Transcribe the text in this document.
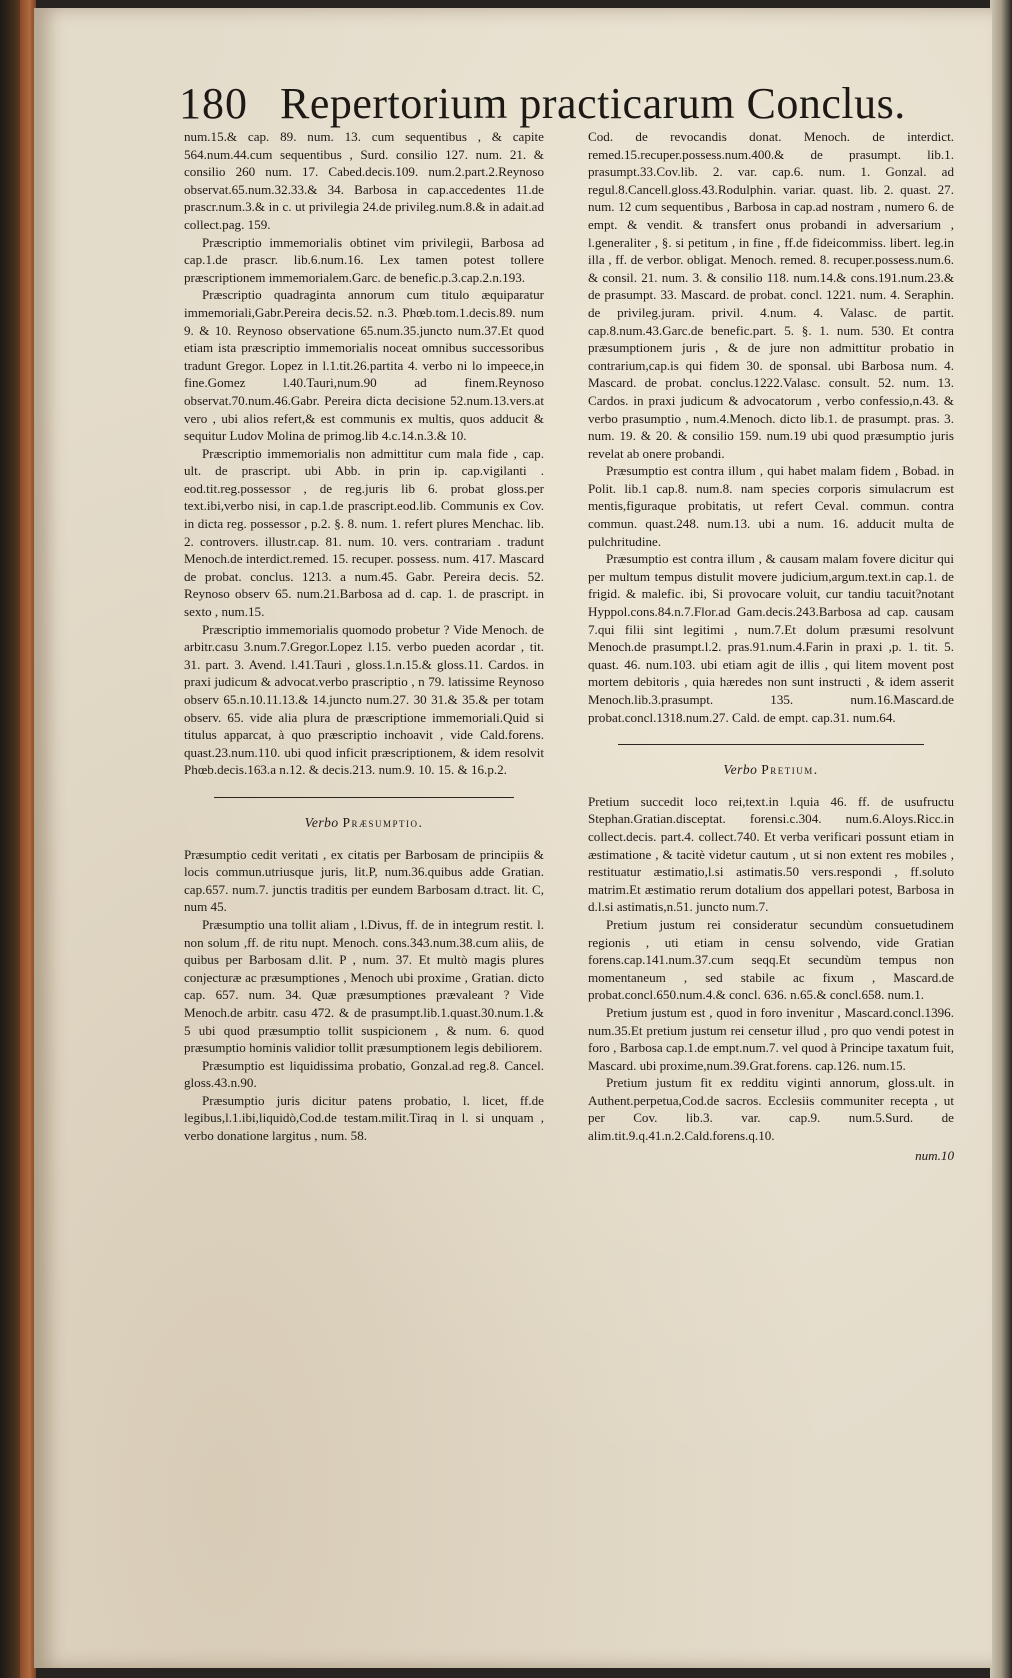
180 Repertorium practicarum Conclus.

num.15.& cap. 89. num. 13. cum sequentibus , & capite 564.num.44.cum sequentibus , Surd. consilio 127. num. 21. & consilio 260 num. 17. Cabed.decis.109. num.2.part.2.Reynoso observat.65.num.32.33.& 34. Barbosa in cap.accedentes 11.de prascr.num.3.& in c. ut privilegia 24.de privileg.num.8.& in adait.ad collect.pag. 159.

Præscriptio immemorialis obtinet vim privilegii, Barbosa ad cap.1.de prascr. lib.6.num.16. Lex tamen potest tollere præscriptionem immemorialem.Garc. de benefic.p.3.cap.2.n.193.

Præscriptio quadraginta annorum cum titulo æquiparatur immemoriali,Gabr.Pereira decis.52. n.3. Phœb.tom.1.decis.89. num 9. & 10. Reynoso observatione 65.num.35.juncto num.37.Et quod etiam ista præscriptio immemorialis noceat omnibus successoribus tradunt Gregor. Lopez in l.1.tit.26.partita 4. verbo ni lo impeece,in fine.Gomez l.40.Tauri,num.90 ad finem.Reynoso observat.70.num.46.Gabr. Pereira dicta decisione 52.num.13.vers.at vero , ubi alios refert,& est communis ex multis, quos adducit & sequitur Ludov Molina de primog.lib 4.c.14.n.3.& 10.

Præscriptio immemorialis non admittitur cum mala fide , cap. ult. de prascript. ubi Abb. in prin ip. cap.vigilanti . eod.tit.reg.possessor , de reg.juris lib 6. probat gloss.per text.ibi,verbo nisi, in cap.1.de prascript.eod.lib. Communis ex Cov. in dicta reg. possessor , p.2. §. 8. num. 1. refert plures Menchac. lib. 2. controvers. illustr.cap. 81. num. 10. vers. contrariam . tradunt Menoch.de interdict.remed. 15. recuper. possess. num. 417. Mascard de probat. conclus. 1213. a num.45. Gabr. Pereira decis. 52. Reynoso observ 65. num.21.Barbosa ad d. cap. 1. de prascript. in sexto , num.15.

Præscriptio immemorialis quomodo probetur ? Vide Menoch. de arbitr.casu 3.num.7.Gregor.Lopez l.15. verbo pueden acordar , tit. 31. part. 3. Avend. l.41.Tauri , gloss.1.n.15.& gloss.11. Cardos. in praxi judicum & advocat.verbo prascriptio , n 79. latissime Reynoso observ 65.n.10.11.13.& 14.juncto num.27. 30 31.& 35.& per totam observ. 65. vide alia plura de præscriptione immemoriali.Quid si titulus apparcat, à quo præscriptio inchoavit , vide Cald.forens. quast.23.num.110. ubi quod inficit præscriptionem, & idem resolvit Phœb.decis.163.a n.12. & decis.213. num.9. 10. 15. & 16.p.2.

Verbo Præsumptio.

Præsumptio cedit veritati , ex citatis per Barbosam de principiis & locis commun.utriusque juris, lit.P, num.36.quibus adde Gratian. cap.657. num.7. junctis traditis per eundem Barbosam d.tract. lit. C, num 45.

Præsumptio una tollit aliam , l.Divus, ff. de in integrum restit. l. non solum ,ff. de ritu nupt. Menoch. cons.343.num.38.cum aliis, de quibus per Barbosam d.lit. P , num. 37. Et multò magis plures conjecturæ ac præsumptiones , Menoch ubi proxime , Gratian. dicto cap. 657. num. 34. Quæ præsumptiones prævaleant ? Vide Menoch.de arbitr. casu 472. & de prasumpt.lib.1.quast.30.num.1.& 5 ubi quod præsumptio tollit suspicionem , & num. 6. quod præsumptio hominis validior tollit præsumptionem legis debiliorem.

Præsumptio est liquidissima probatio, Gonzal.ad reg.8. Cancel. gloss.43.n.90.

Præsumptio juris dicitur patens probatio, l. licet, ff.de legibus,l.1.ibi,liquidò,Cod.de testam.milit.Tiraq in l. si unquam , verbo donatione largitus , num. 58.

Cod. de revocandis donat. Menoch. de interdict. remed.15.recuper.possess.num.400.& de prasumpt. lib.1. prasumpt.33.Cov.lib. 2. var. cap.6. num. 1. Gonzal. ad regul.8.Cancell.gloss.43.Rodulphin. variar. quast. lib. 2. quast. 27. num. 12 cum sequentibus , Barbosa in cap.ad nostram , numero 6. de empt. & vendit. & transfert onus probandi in adversarium , l.generaliter , §. si petitum , in fine , ff.de fideicommiss. libert. leg.in illa , ff. de verbor. obligat. Menoch. remed. 8. recuper.possess.num.6. & consil. 21. num. 3. & consilio 118. num.14.& cons.191.num.23.& de prasumpt. 33. Mascard. de probat. concl. 1221. num. 4. Seraphin. de privileg.juram. privil. 4.num. 4. Valasc. de partit. cap.8.num.43.Garc.de benefic.part. 5. §. 1. num. 530. Et contra præsumptionem juris , & de jure non admittitur probatio in contrarium,cap.is qui fidem 30. de sponsal. ubi Barbosa num. 4. Mascard. de probat. conclus.1222.Valasc. consult. 52. num. 13. Cardos. in praxi judicum & advocatorum , verbo confessio,n.43. & verbo prasumptio , num.4.Menoch. dicto lib.1. de prasumpt. pras. 3. num. 19. & 20. & consilio 159. num.19 ubi quod præsumptio juris revelat ab onere probandi.

Præsumptio est contra illum , qui habet malam fidem , Bobad. in Polit. lib.1 cap.8. num.8. nam species corporis simulacrum est mentis,figuraque probitatis, ut refert Ceval. commun. contra commun. quast.248. num.13. ubi a num. 16. adducit multa de pulchritudine.

Præsumptio est contra illum , & causam malam fovere dicitur qui per multum tempus distulit movere judicium,argum.text.in cap.1. de frigid. & malefic. ibi, Si provocare voluit, cur tandiu tacuit?notant Hyppol.cons.84.n.7.Flor.ad Gam.decis.243.Barbosa ad cap. causam 7.qui filii sint legitimi , num.7.Et dolum præsumi resolvunt Menoch.de prasumpt.l.2. pras.91.num.4.Farin in praxi ,p. 1. tit. 5. quast. 46. num.103. ubi etiam agit de illis , qui litem movent post mortem debitoris , quia hæredes non sunt instructi , & idem asserit Menoch.lib.3.prasumpt. 135. num.16.Mascard.de probat.concl.1318.num.27. Cald. de empt. cap.31. num.64.

Verbo Pretium.

Pretium succedit loco rei,text.in l.quia 46. ff. de usufructu Stephan.Gratian.disceptat. forensi.c.304. num.6.Aloys.Ricc.in collect.decis. part.4. collect.740. Et verba verificari possunt etiam in æstimatione , & tacitè videtur cautum , ut si non extent res mobiles , restituatur æstimatio,l.si astimatis.50 vers.respondi , ff.soluto matrim.Et æstimatio rerum dotalium dos appellari potest, Barbosa in d.l.si astimatis,n.51. juncto num.7.

Pretium justum rei consideratur secundùm consuetudinem regionis , uti etiam in censu solvendo, vide Gratian forens.cap.141.num.37.cum seqq.Et secundùm tempus non momentaneum , sed stabile ac fixum , Mascard.de probat.concl.650.num.4.& concl. 636. n.65.& concl.658. num.1.

Pretium justum est , quod in foro invenitur , Mascard.concl.1396. num.35.Et pretium justum rei censetur illud , pro quo vendi potest in foro , Barbosa cap.1.de empt.num.7. vel quod à Principe taxatum fuit, Mascard. ubi proxime,num.39.Grat.forens. cap.126. num.15.

Pretium justum fit ex redditu viginti annorum, gloss.ult. in Authent.perpetua,Cod.de sacros. Ecclesiis communiter recepta , ut per Cov. lib.3. var. cap.9. num.5.Surd. de alim.tit.9.q.41.n.2.Cald.forens.q.10.

num.10
